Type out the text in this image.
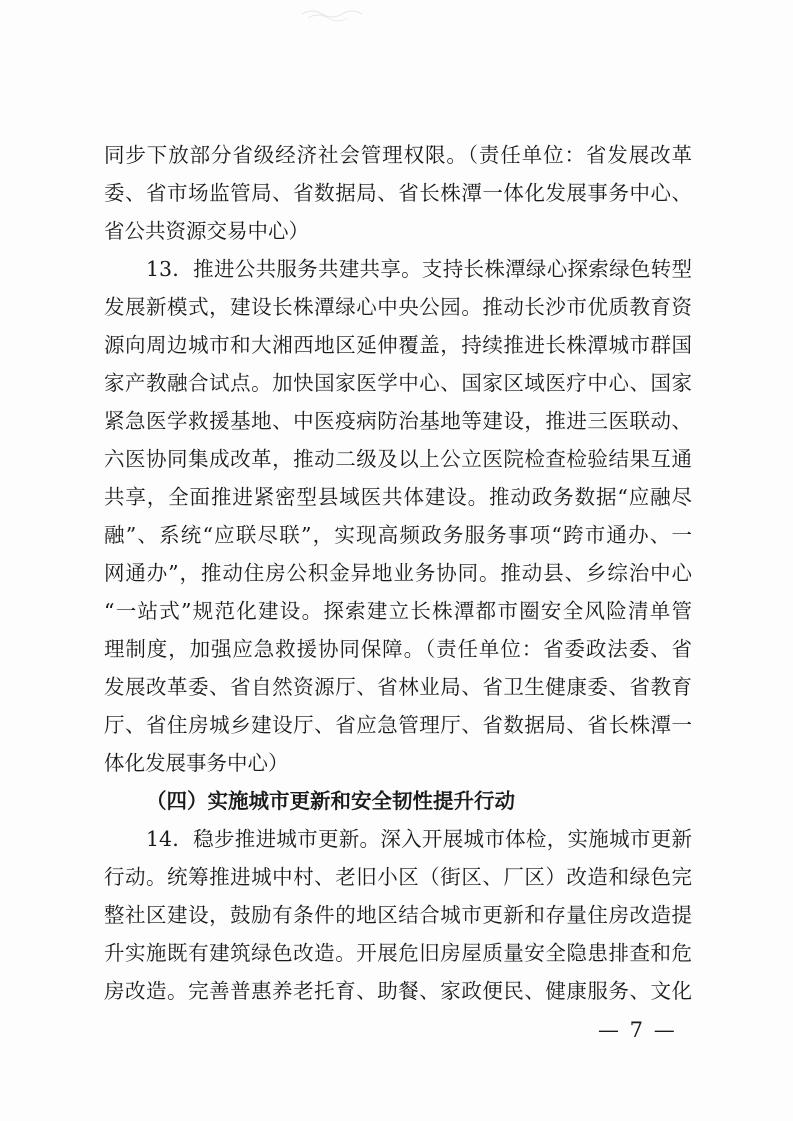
同步下放部分省级经济社会管理权限。（责任单位：省发展改革
委、省市场监管局、省数据局、省长株潭一体化发展事务中心、
省公共资源交易中心）
13．推进公共服务共建共享。支持长株潭绿心探索绿色转型
发展新模式，建设长株潭绿心中央公园。推动长沙市优质教育资
源向周边城市和大湘西地区延伸覆盖，持续推进长株潭城市群国
家产教融合试点。加快国家医学中心、国家区域医疗中心、国家
紧急医学救援基地、中医疫病防治基地等建设，推进三医联动、
六医协同集成改革，推动二级及以上公立医院检查检验结果互通
共享，全面推进紧密型县域医共体建设。推动政务数据“应融尽
融”、系统“应联尽联”，实现高频政务服务事项“跨市通办、一
网通办”，推动住房公积金异地业务协同。推动县、乡综治中心
“一站式”规范化建设。探索建立长株潭都市圈安全风险清单管
理制度，加强应急救援协同保障。（责任单位：省委政法委、省
发展改革委、省自然资源厅、省林业局、省卫生健康委、省教育
厅、省住房城乡建设厅、省应急管理厅、省数据局、省长株潭一
体化发展事务中心）
（四）实施城市更新和安全韧性提升行动
14．稳步推进城市更新。深入开展城市体检，实施城市更新
行动。统筹推进城中村、老旧小区（街区、厂区）改造和绿色完
整社区建设，鼓励有条件的地区结合城市更新和存量住房改造提
升实施既有建筑绿色改造。开展危旧房屋质量安全隐患排查和危
房改造。完善普惠养老托育、助餐、家政便民、健康服务、文化
— 7 —
